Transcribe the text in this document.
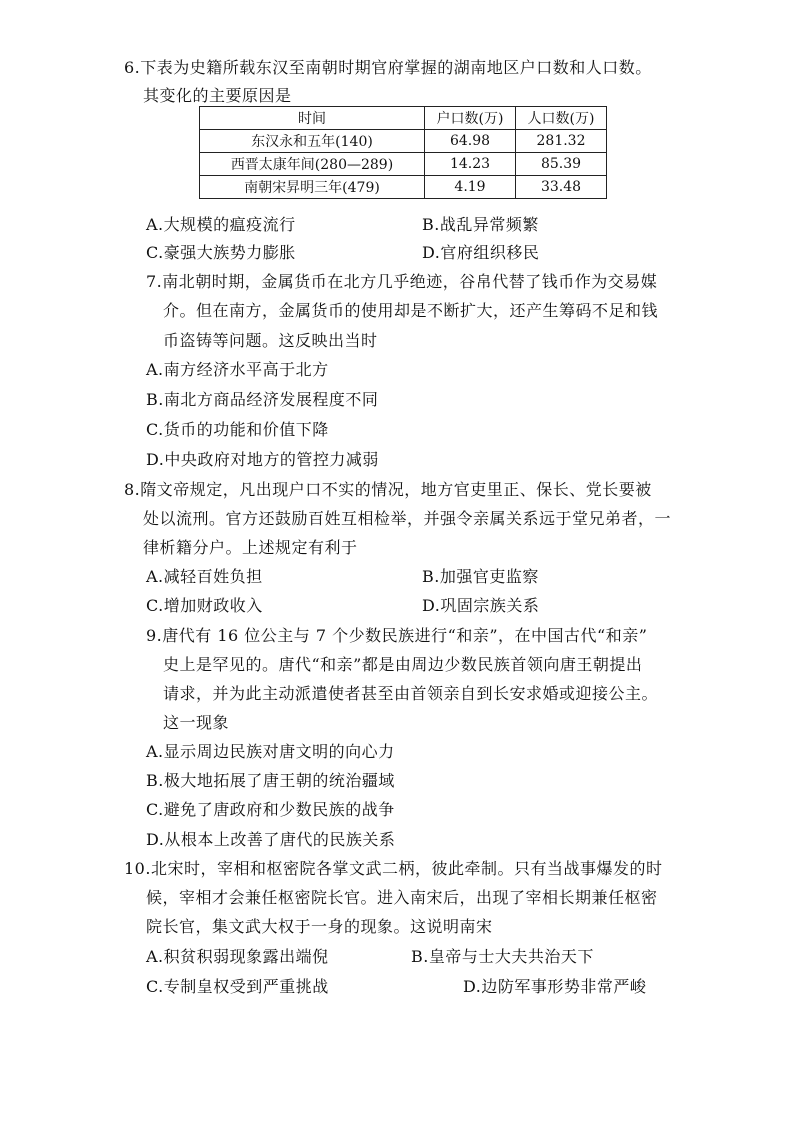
6.下表为史籍所载东汉至南朝时期官府掌握的湖南地区户口数和人口数。
其变化的主要原因是
时间	户口数(万)	人口数(万)
东汉永和五年(140)	64.98	281.32
西晋太康年间(280—289)	14.23	85.39
南朝宋昇明三年(479)	4.19	33.48
A.大规模的瘟疫流行	B.战乱异常频繁
C.豪强大族势力膨胀	D.官府组织移民
7.南北朝时期，金属货币在北方几乎绝迹，谷帛代替了钱币作为交易媒
介。但在南方，金属货币的使用却是不断扩大，还产生筹码不足和钱
币盗铸等问题。这反映出当时
A.南方经济水平高于北方
B.南北方商品经济发展程度不同
C.货币的功能和价值下降
D.中央政府对地方的管控力减弱
8.隋文帝规定，凡出现户口不实的情况，地方官吏里正、保长、党长要被
处以流刑。官方还鼓励百姓互相检举，并强令亲属关系远于堂兄弟者，一
律析籍分户。上述规定有利于
A.减轻百姓负担	B.加强官吏监察
C.增加财政收入	D.巩固宗族关系
9.唐代有 16 位公主与 7 个少数民族进行“和亲”，在中国古代“和亲”
史上是罕见的。唐代“和亲”都是由周边少数民族首领向唐王朝提出
请求，并为此主动派遣使者甚至由首领亲自到长安求婚或迎接公主。
这一现象
A.显示周边民族对唐文明的向心力
B.极大地拓展了唐王朝的统治疆域
C.避免了唐政府和少数民族的战争
D.从根本上改善了唐代的民族关系
10.北宋时，宰相和枢密院各掌文武二柄，彼此牵制。只有当战事爆发的时
候，宰相才会兼任枢密院长官。进入南宋后，出现了宰相长期兼任枢密
院长官，集文武大权于一身的现象。这说明南宋
A.积贫积弱现象露出端倪	B.皇帝与士大夫共治天下
C.专制皇权受到严重挑战	D.边防军事形势非常严峻
